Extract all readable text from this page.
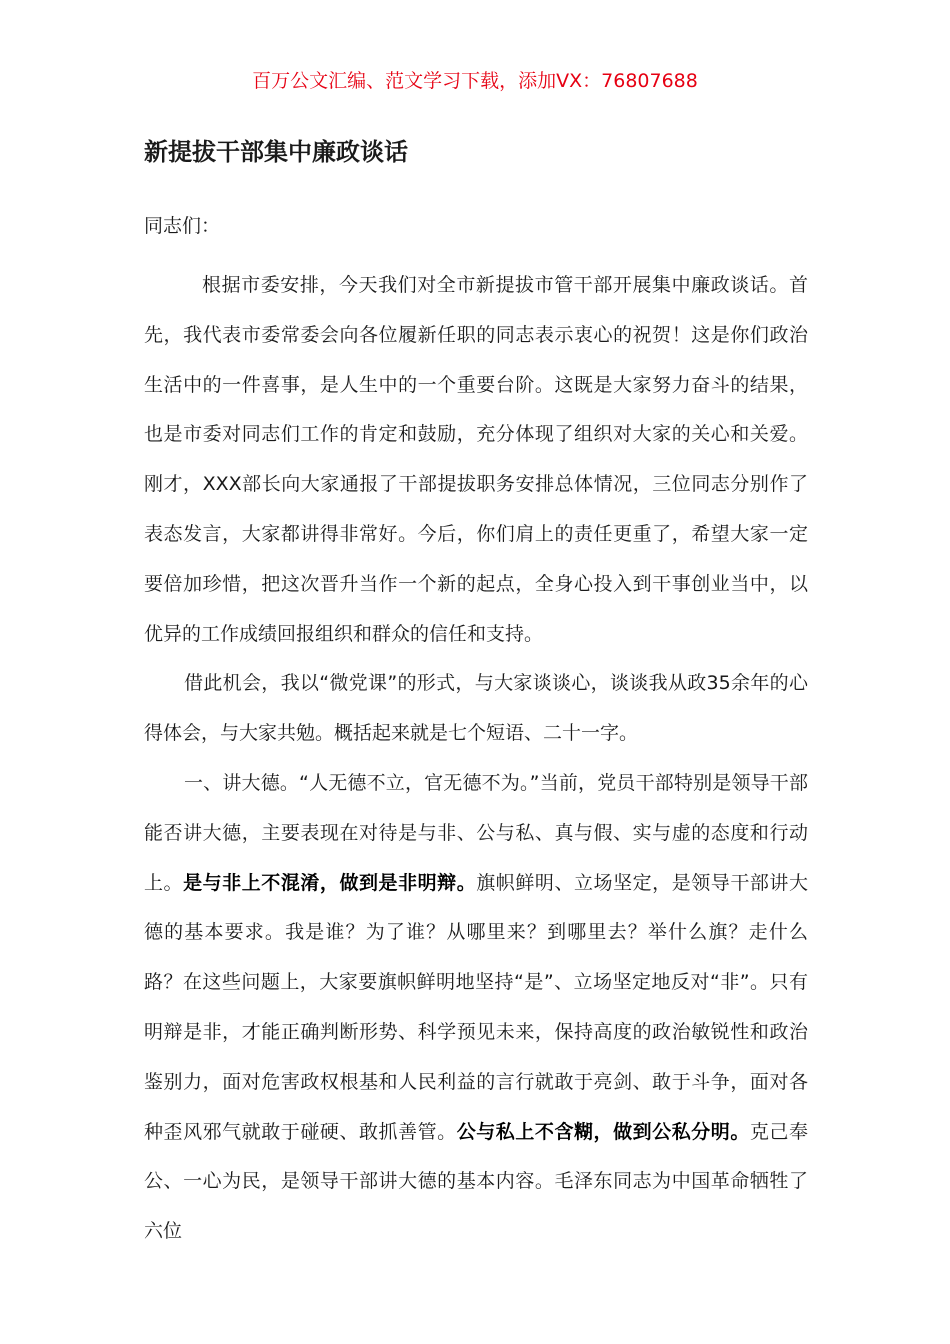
百万公文汇编、范文学习下载，添加VX：76807688
新提拔干部集中廉政谈话
同志们：

根据市委安排，今天我们对全市新提拔市管干部开展集中廉政谈话。首先，我代表市委常委会向各位履新任职的同志表示衷心的祝贺！这是你们政治生活中的一件喜事，是人生中的一个重要台阶。这既是大家努力奋斗的结果，也是市委对同志们工作的肯定和鼓励，充分体现了组织对大家的关心和关爱。刚才，XXX部长向大家通报了干部提拔职务安排总体情况，三位同志分别作了表态发言，大家都讲得非常好。今后，你们肩上的责任更重了，希望大家一定要倍加珍惜，把这次晋升当作一个新的起点，全身心投入到干事创业当中，以优异的工作成绩回报组织和群众的信任和支持。

借此机会，我以“微党课”的形式，与大家谈谈心，谈谈我从政35余年的心得体会，与大家共勉。概括起来就是七个短语、二十一字。

一、讲大德。“人无德不立，官无德不为。”当前，党员干部特别是领导干部能否讲大德，主要表现在对待是与非、公与私、真与假、实与虚的态度和行动上。是与非上不混淆，做到是非明辩。旗帜鲜明、立场坚定，是领导干部讲大德的基本要求。我是谁？为了谁？从哪里来？到哪里去？举什么旗？走什么路？在这些问题上，大家要旗帜鲜明地坚持“是”、立场坚定地反对“非”。只有明辩是非，才能正确判断形势、科学预见未来，保持高度的政治敏锐性和政治鉴别力，面对危害政权根基和人民利益的言行就敢于亮剑、敢于斗争，面对各种歪风邪气就敢于碰硬、敢抓善管。公与私上不含糊，做到公私分明。克己奉公、一心为民，是领导干部讲大德的基本内容。毛泽东同志为中国革命牺牲了六位
